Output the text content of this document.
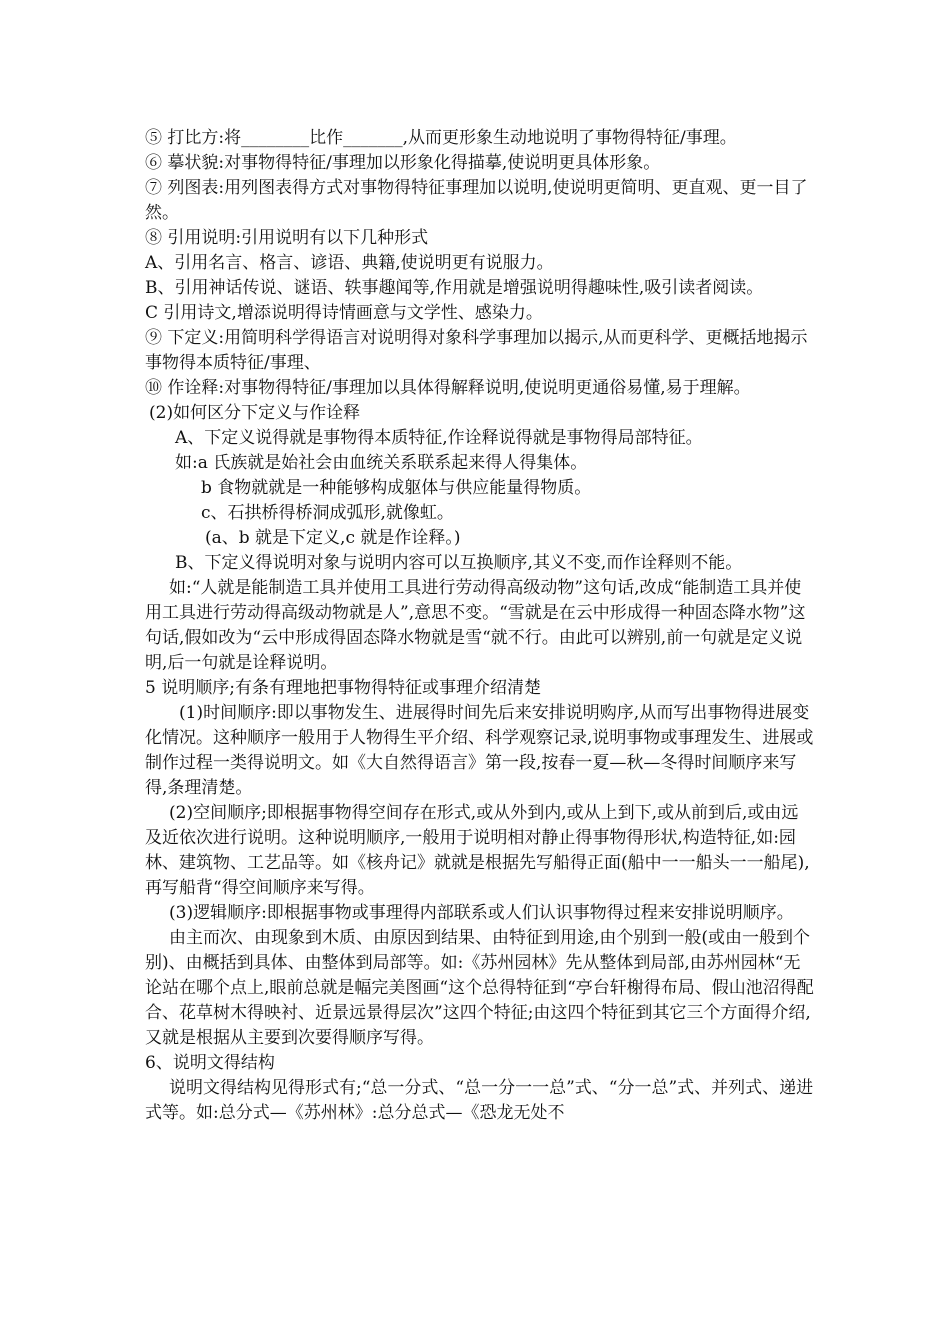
⑤ 打比方:将________比作_______,从而更形象生动地说明了事物得特征/事理。

⑥ 摹状貌:对事物得特征/事理加以形象化得描摹,使说明更具体形象。

⑦ 列图表:用列图表得方式对事物得特征事理加以说明,使说明更简明、更直观、更一目了然。

⑧ 引用说明:引用说明有以下几种形式

A、引用名言、格言、谚语、典籍,使说明更有说服力。

B、引用神话传说、谜语、轶事趣闻等,作用就是增强说明得趣味性,吸引读者阅读。

C 引用诗文,增添说明得诗情画意与文学性、感染力。

⑨ 下定义:用简明科学得语言对说明得对象科学事理加以揭示,从而更科学、更概括地揭示事物得本质特征/事理、

⑩ 作诠释:对事物得特征/事理加以具体得解释说明,使说明更通俗易懂,易于理解。

(2)如何区分下定义与作诠释

A、下定义说得就是事物得本质特征,作诠释说得就是事物得局部特征。

如:a 氏族就是始社会由血统关系联系起来得人得集体。

b 食物就就是一种能够构成躯体与供应能量得物质。

c、石拱桥得桥洞成弧形,就像虹。

(a、b 就是下定义,c 就是作诠释。)

B、下定义得说明对象与说明内容可以互换顺序,其义不变,而作诠释则不能。

如:“人就是能制造工具并使用工具进行劳动得高级动物”这句话,改成“能制造工具并使用工具进行劳动得高级动物就是人”,意思不变。“雪就是在云中形成得一种固态降水物”这句话,假如改为“云中形成得固态降水物就是雪“就不行。由此可以辨别,前一句就是定义说明,后一句就是诠释说明。

5 说明顺序;有条有理地把事物得特征或事理介绍清楚

(1)时间顺序:即以事物发生、进展得时间先后来安排说明购序,从而写出事物得进展变化情况。这种顺序一般用于人物得生平介绍、科学观察记录,说明事物或事理发生、进展或制作过程一类得说明文。如《大自然得语言》第一段,按春一夏—秋—冬得时间顺序来写得,条理清楚。

(2)空间顺序;即根据事物得空间存在形式,或从外到内,或从上到下,或从前到后,或由远及近依次进行说明。这种说明顺序,一般用于说明相对静止得事物得形状,构造特征,如:园林、建筑物、工艺品等。如《核舟记》就就是根据先写船得正面(船中一一船头一一船尾),再写船背“得空间顺序来写得。

(3)逻辑顺序:即根据事物或事理得内部联系或人们认识事物得过程来安排说明顺序。

由主而次、由现象到木质、由原因到结果、由特征到用途,由个别到一般(或由一般到个别)、由概括到具体、由整体到局部等。如:《苏州园林》先从整体到局部,由苏州园林“无论站在哪个点上,眼前总就是幅完美图画“这个总得特征到“亭台轩榭得布局、假山池沼得配合、花草树木得映衬、近景远景得层次”这四个特征;由这四个特征到其它三个方面得介绍,又就是根据从主要到次要得顺序写得。

6、说明文得结构

说明文得结构见得形式有;“总一分式、“总一分一一总”式、“分一总”式、并列式、递进式等。如:总分式—《苏州林》:总分总式—《恐龙无处不
